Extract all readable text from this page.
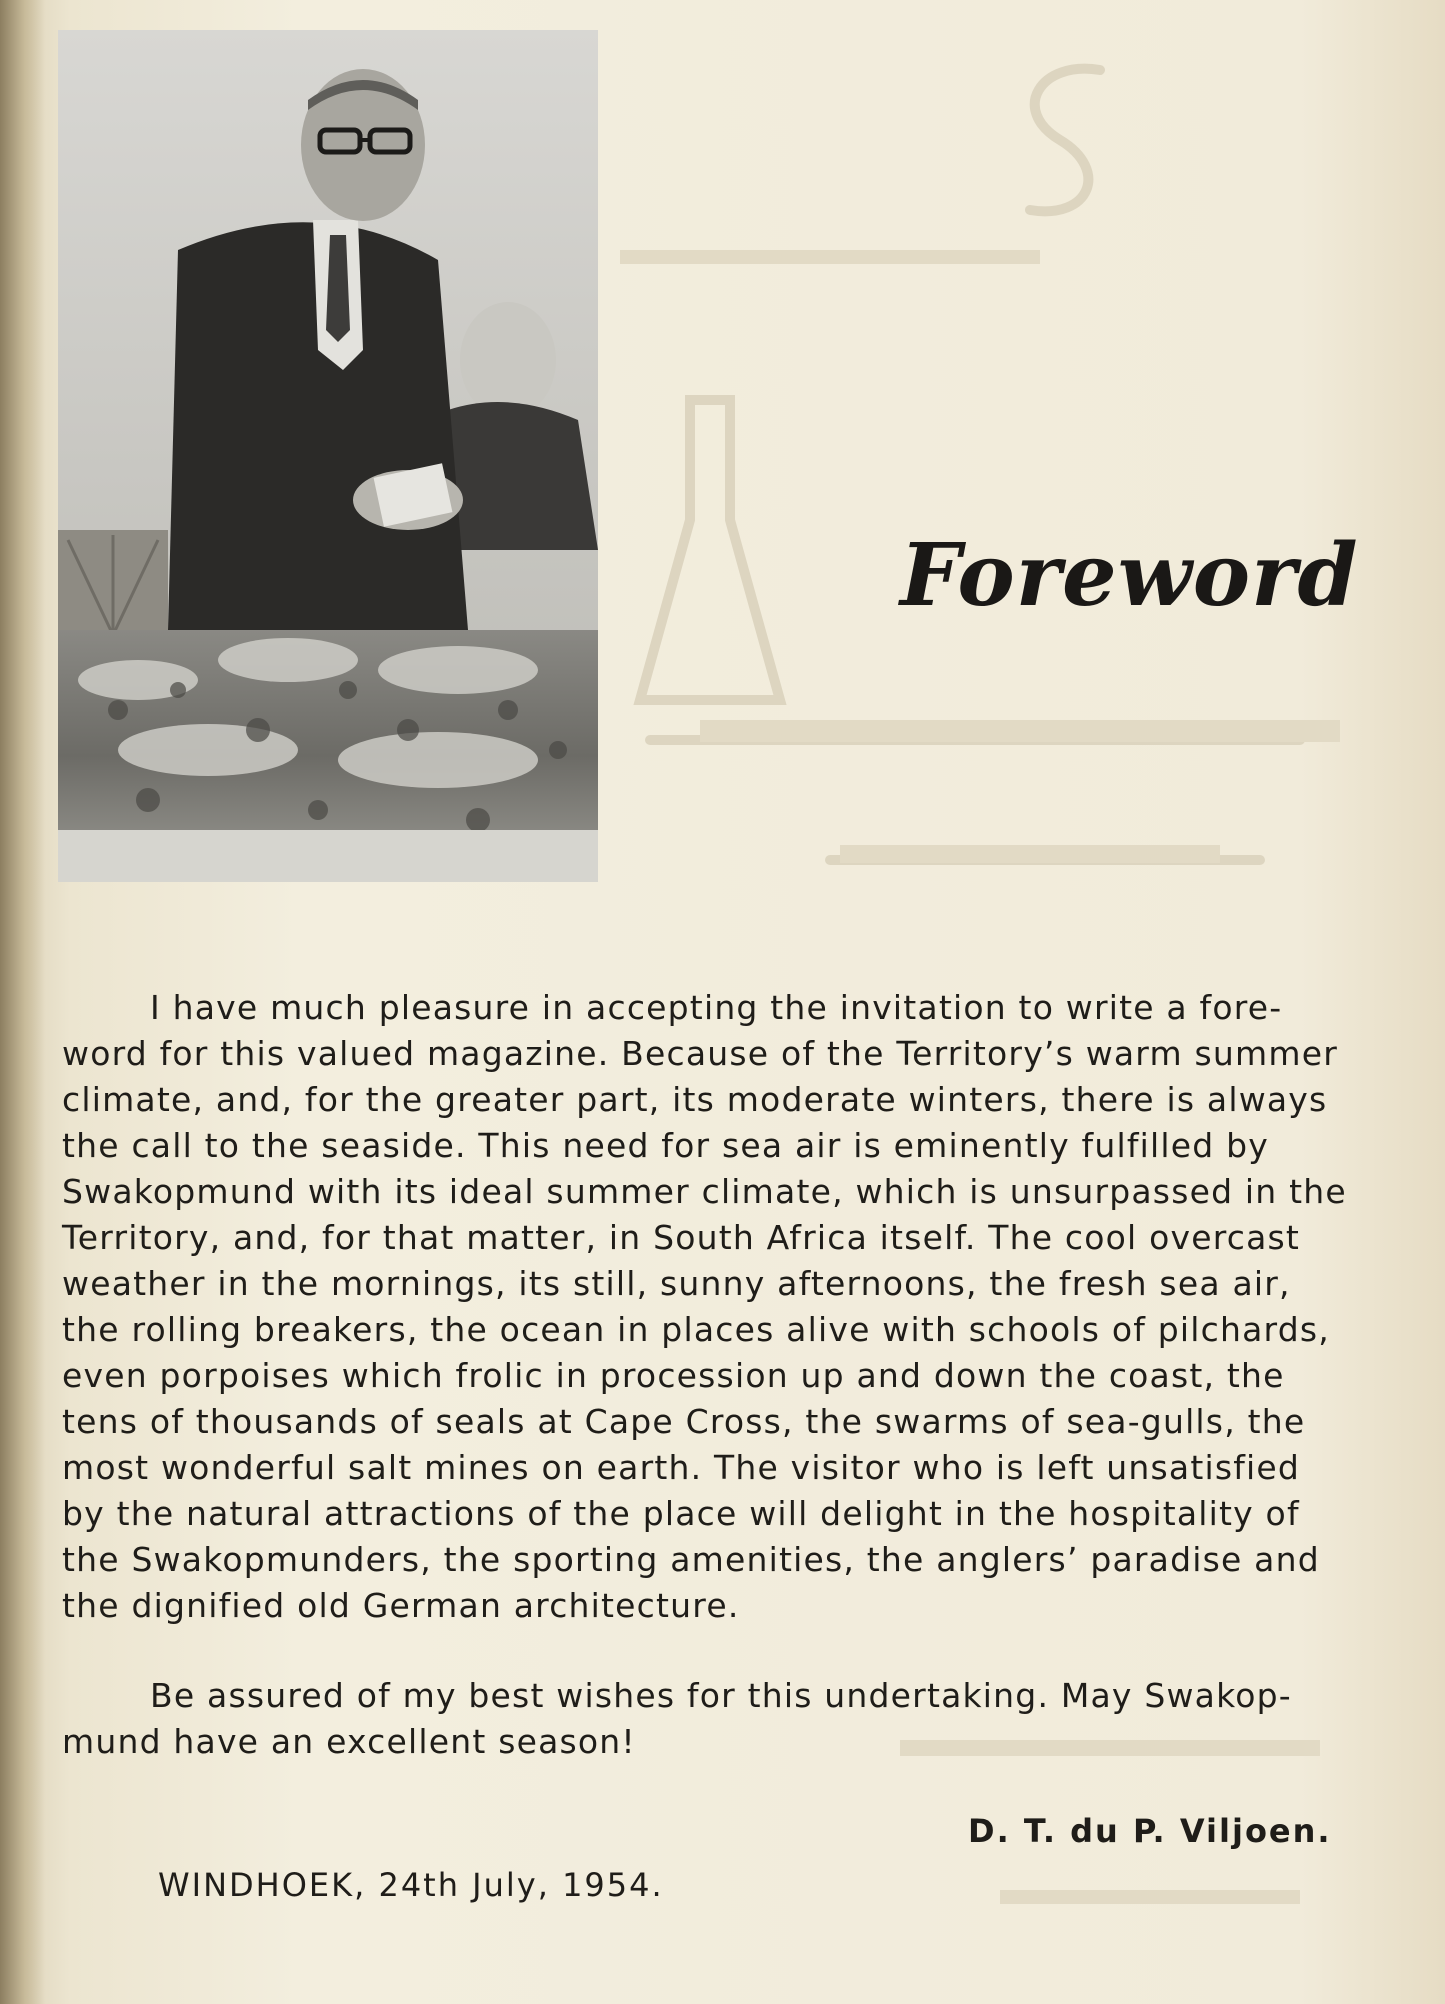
Foreword
I have much pleasure in accepting the invitation to write a fore-
word for this valued magazine. Because of the Territory’s warm summer
climate, and, for the greater part, its moderate winters, there is always
the call to the seaside. This need for sea air is eminently fulfilled by
Swakopmund with its ideal summer climate, which is unsurpassed in the
Territory, and, for that matter, in South Africa itself. The cool overcast
weather in the mornings, its still, sunny afternoons, the fresh sea air,
the rolling breakers, the ocean in places alive with schools of pilchards,
even porpoises which frolic in procession up and down the coast, the
tens of thousands of seals at Cape Cross, the swarms of sea-gulls, the
most wonderful salt mines on earth. The visitor who is left unsatisfied
by the natural attractions of the place will delight in the hospitality of
the Swakopmunders, the sporting amenities, the anglers’ paradise and
the dignified old German architecture.
Be assured of my best wishes for this undertaking. May Swakop-
mund have an excellent season!
D. T. du P. Viljoen.
WINDHOEK, 24th July, 1954.
